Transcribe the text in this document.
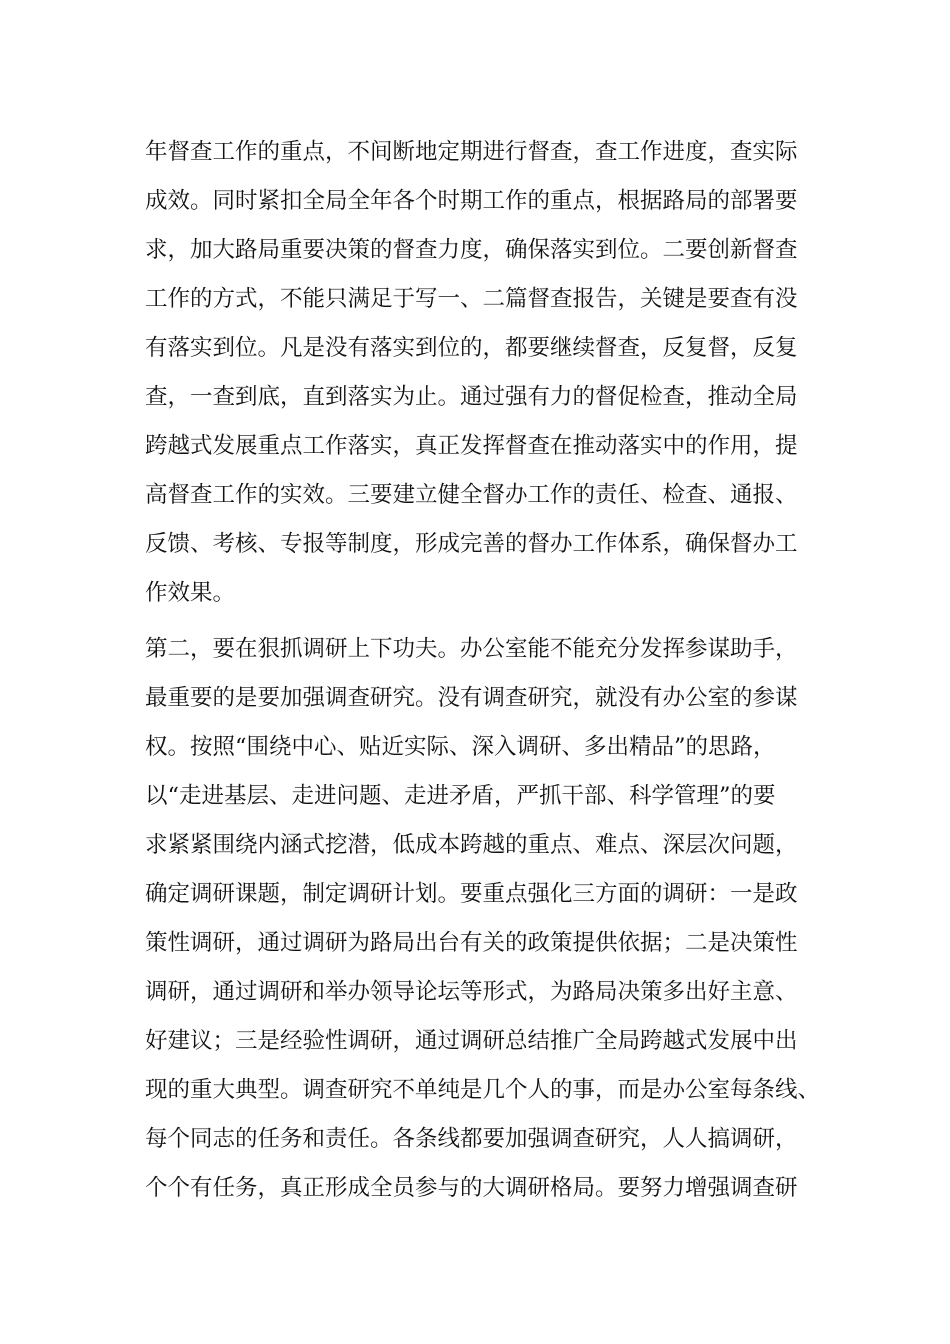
年督查工作的重点，不间断地定期进行督查，查工作进度，查实际
成效。同时紧扣全局全年各个时期工作的重点，根据路局的部署要
求，加大路局重要决策的督查力度，确保落实到位。二要创新督查
工作的方式，不能只满足于写一、二篇督查报告，关键是要查有没
有落实到位。凡是没有落实到位的，都要继续督查，反复督，反复
查，一查到底，直到落实为止。通过强有力的督促检查，推动全局
跨越式发展重点工作落实，真正发挥督查在推动落实中的作用，提
高督查工作的实效。三要建立健全督办工作的责任、检查、通报、
反馈、考核、专报等制度，形成完善的督办工作体系，确保督办工
作效果。
第二，要在狠抓调研上下功夫。办公室能不能充分发挥参谋助手，
最重要的是要加强调查研究。没有调查研究，就没有办公室的参谋
权。按照“围绕中心、贴近实际、深入调研、多出精品”的思路，
以“走进基层、走进问题、走进矛盾，严抓干部、科学管理”的要
求紧紧围绕内涵式挖潜，低成本跨越的重点、难点、深层次问题，
确定调研课题，制定调研计划。要重点强化三方面的调研：一是政
策性调研，通过调研为路局出台有关的政策提供依据；二是决策性
调研，通过调研和举办领导论坛等形式，为路局决策多出好主意、
好建议；三是经验性调研，通过调研总结推广全局跨越式发展中出
现的重大典型。调查研究不单纯是几个人的事，而是办公室每条线、
每个同志的任务和责任。各条线都要加强调查研究，人人搞调研，
个个有任务，真正形成全员参与的大调研格局。要努力增强调查研
